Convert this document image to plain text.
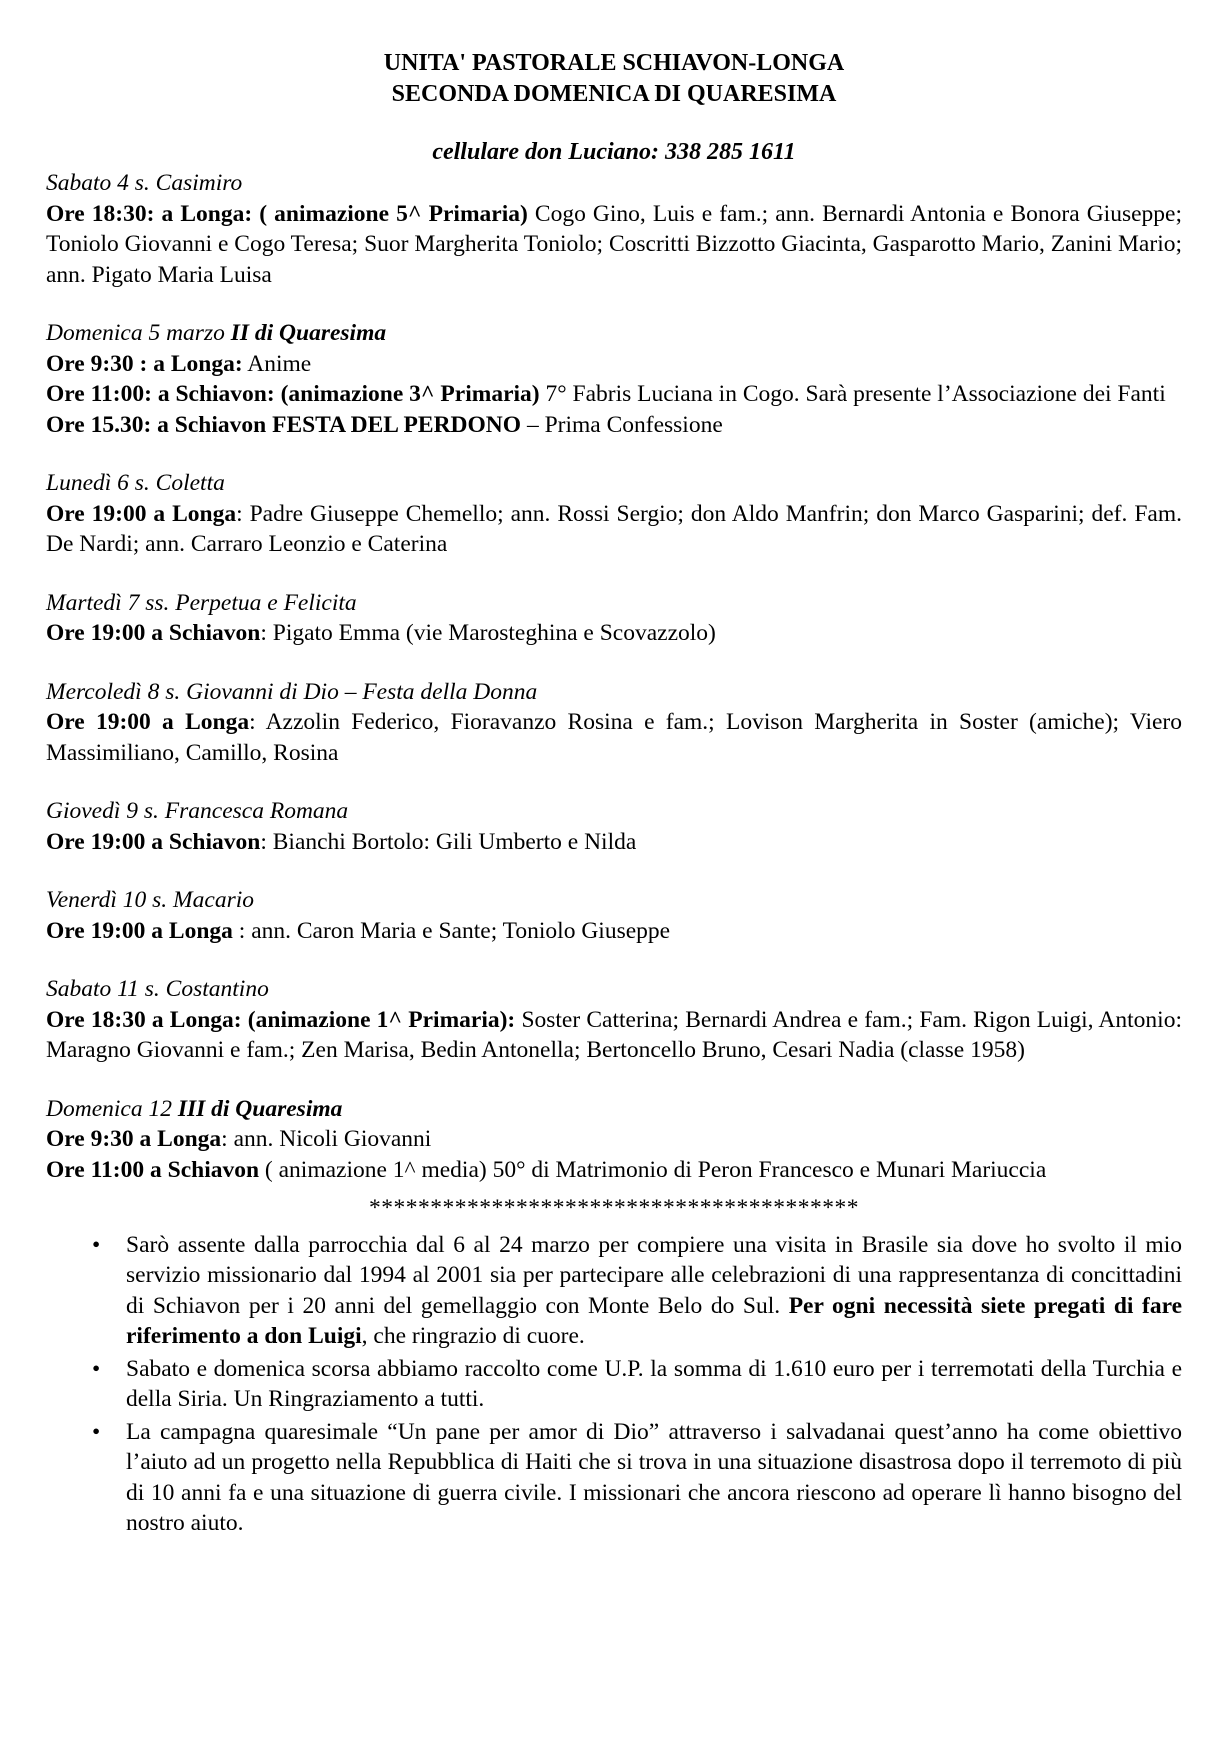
UNITA' PASTORALE SCHIAVON-LONGA
SECONDA DOMENICA DI QUARESIMA
cellulare don Luciano: 338 285 1611
Sabato 4 s. Casimiro
Ore 18:30: a Longa: ( animazione 5^ Primaria) Cogo Gino, Luis e fam.; ann. Bernardi Antonia e Bonora Giuseppe; Toniolo Giovanni e Cogo Teresa; Suor Margherita Toniolo; Coscritti Bizzotto Giacinta, Gasparotto Mario, Zanini Mario; ann. Pigato Maria Luisa
Domenica 5 marzo II di Quaresima
Ore 9:30 : a Longa: Anime
Ore 11:00: a Schiavon: (animazione 3^ Primaria) 7° Fabris Luciana in Cogo. Sarà presente l’Associazione dei Fanti
Ore 15.30: a Schiavon FESTA DEL PERDONO – Prima Confessione
Lunedì 6 s. Coletta
Ore 19:00 a Longa: Padre Giuseppe Chemello; ann. Rossi Sergio; don Aldo Manfrin; don Marco Gasparini; def. Fam. De Nardi; ann. Carraro Leonzio e Caterina
Martedì 7 ss. Perpetua e Felicita
Ore 19:00 a Schiavon: Pigato Emma (vie Marosteghina e Scovazzolo)
Mercoledì 8 s. Giovanni di Dio – Festa della Donna
Ore 19:00 a Longa: Azzolin Federico, Fioravanzo Rosina e fam.; Lovison Margherita in Soster (amiche); Viero Massimiliano, Camillo, Rosina
Giovedì 9 s. Francesca Romana
Ore 19:00 a Schiavon: Bianchi Bortolo: Gili Umberto e Nilda
Venerdì 10 s. Macario
Ore 19:00 a Longa : ann. Caron Maria e Sante; Toniolo Giuseppe
Sabato 11 s. Costantino
Ore 18:30 a Longa: (animazione 1^ Primaria): Soster Catterina; Bernardi Andrea e fam.; Fam. Rigon Luigi, Antonio: Maragno Giovanni e fam.; Zen Marisa, Bedin Antonella; Bertoncello Bruno, Cesari Nadia (classe 1958)
Domenica 12 III di Quaresima
Ore 9:30 a Longa: ann. Nicoli Giovanni
Ore 11:00 a Schiavon ( animazione 1^ media) 50° di Matrimonio di Peron Francesco e Munari Mariuccia
****************************************
• Sarò assente dalla parrocchia dal 6 al 24 marzo per compiere una visita in Brasile sia dove ho svolto il mio servizio missionario dal 1994 al 2001 sia per partecipare alle celebrazioni di una rappresentanza di concittadini di Schiavon per i 20 anni del gemellaggio con Monte Belo do Sul. Per ogni necessità siete pregati di fare riferimento a don Luigi, che ringrazio di cuore.
• Sabato e domenica scorsa abbiamo raccolto come U.P. la somma di 1.610 euro per i terremotati della Turchia e della Siria. Un Ringraziamento a tutti.
• La campagna quaresimale “Un pane per amor di Dio” attraverso i salvadanai quest’anno ha come obiettivo l’aiuto ad un progetto nella Repubblica di Haiti che si trova in una situazione disastrosa dopo il terremoto di più di 10 anni fa e una situazione di guerra civile. I missionari che ancora riescono ad operare lì hanno bisogno del nostro aiuto.
